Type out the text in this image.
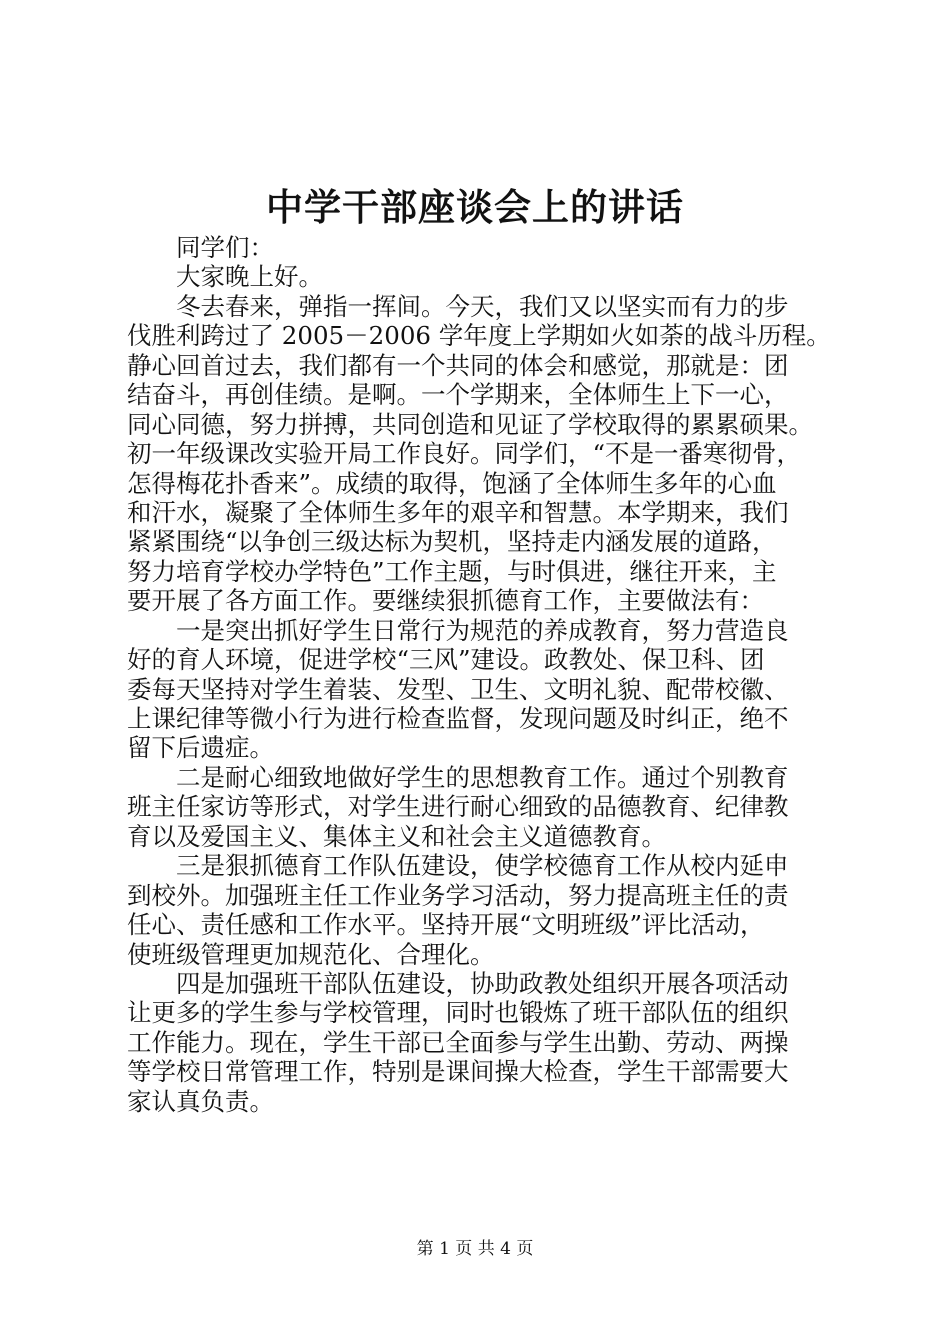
中学干部座谈会上的讲话
同学们：
大家晚上好。
冬去春来，弹指一挥间。今天，我们又以坚实而有力的步
伐胜利跨过了 2005－2006 学年度上学期如火如荼的战斗历程。
静心回首过去，我们都有一个共同的体会和感觉，那就是：团
结奋斗，再创佳绩。是啊。一个学期来，全体师生上下一心，
同心同德，努力拼搏，共同创造和见证了学校取得的累累硕果。
初一年级课改实验开局工作良好。同学们，“不是一番寒彻骨，
怎得梅花扑香来”。成绩的取得，饱涵了全体师生多年的心血
和汗水，凝聚了全体师生多年的艰辛和智慧。本学期来，我们
紧紧围绕“以争创三级达标为契机，坚持走内涵发展的道路，
努力培育学校办学特色”工作主题，与时俱进，继往开来，主
要开展了各方面工作。要继续狠抓德育工作，主要做法有：
一是突出抓好学生日常行为规范的养成教育，努力营造良
好的育人环境，促进学校“三风”建设。政教处、保卫科、团
委每天坚持对学生着装、发型、卫生、文明礼貌、配带校徽、
上课纪律等微小行为进行检查监督，发现问题及时纠正，绝不
留下后遗症。
二是耐心细致地做好学生的思想教育工作。通过个别教育
班主任家访等形式，对学生进行耐心细致的品德教育、纪律教
育以及爱国主义、集体主义和社会主义道德教育。
三是狠抓德育工作队伍建设，使学校德育工作从校内延申
到校外。加强班主任工作业务学习活动，努力提高班主任的责
任心、责任感和工作水平。坚持开展“文明班级”评比活动，
使班级管理更加规范化、合理化。
四是加强班干部队伍建设，协助政教处组织开展各项活动
让更多的学生参与学校管理，同时也锻炼了班干部队伍的组织
工作能力。现在，学生干部已全面参与学生出勤、劳动、两操
等学校日常管理工作，特别是课间操大检查，学生干部需要大
家认真负责。
第 1 页 共 4 页
